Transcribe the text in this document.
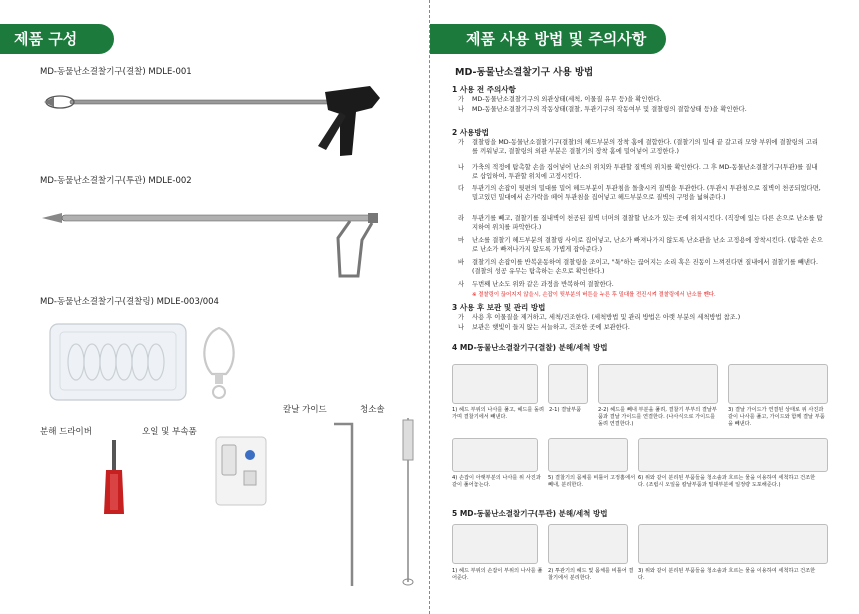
제품 구성
MD-동물난소결찰기구(결찰) MDLE-001
MD-동물난소결찰기구(투관) MDLE-002
MD-동물난소결찰기구(결찰링) MDLE-003/004
분해 드라이버	오일 및 부속품
칼날 가이드	청소솔
제품 사용 방법 및 주의사항
MD-동물난소결찰기구 사용 방법
1 사용 전 주의사항
가	MD-동물난소결찰기구의 외관상태(세척, 이물질 유무 등)을 확인한다.
나	MD-동물난소결찰기구의 작동상태(결찰, 투관기구의 작동여부 및 결찰링의 결합상태 등)을 확인한다.
2 사용방법
가	결찰링을 MD-동물난소결찰기구(결찰)의 헤드부분의 장착 홈에 결합한다. (결찰기의 밀대 끝 갈고리 모양 부위에 결찰링의 고리를 끼워넣고, 결찰링의 외관 부분은 결찰기의 장착 홈에 밀어넣어 고정한다.)
나	가축의 적정에 탐촉할 손을 집어넣어 난소의 위치와 투관할 질벽의 위치를 확인한다. 그 후 MD-동물난소결찰기구(투관)를 질내로 삽입하여, 투관할 위치에 고정시킨다.
다	투관기의 손잡이 뒷편의 밀대를 밀어 헤드부분이 투관침을 돌출시켜 질벽을 투관한다. (투관시 투관침으로 질벽이 천공되었다면, 밀고있던 밀대에서 손가락을 떼어 투관침을 집어넣고 헤드부분으로 질벽의 구멍을 넓혀준다.)
라	투관기를 빼고, 결찰기를 질내벽이 천공된 질벽 너머의 결찰할 난소가 있는 곳에 위치시킨다. (직장에 있는 다른 손으로 난소를 탐지하여 위치를 파악한다.)
마	난소를 결찰기 헤드부분의 결찰링 사이로 집어넣고, 난소가 빠져나가지 않도록 난소관을 난소 고정용에 장착시킨다. (탐촉한 손으로 난소가 빠져나가지 않도록 가볍게 잡아준다.)
바	결찰기의 손잡이를 반복운동하여 결찰링을 조이고, "툭"하는 끊어지는 소리 혹은 진동이 느껴진다면 질내에서 결찰기를 빼낸다. (결찰의 성공 유무는 탐촉하는 손으로 확인한다.)
사	두번째 난소도 위와 같은 과정을 반복하여 결찰한다.
※ 결찰링이 끊어지지 않을시, 손잡이 뒷부분의 버튼을 누른 후 밀대를 전진시켜 결찰링에서 난소를 뺀다.
3 사용 후 보관 및 관리 방법
가	사용 후 이물질을 제거하고, 세척/건조한다. (세척방법 및 관리 방법은 아랫 부분의 세척방법 참조.)
나	보관은 햇빛이 들지 않는 서늘하고, 건조한 곳에 보관한다.
4 MD-동물난소결찰기구(결찰) 분해/세척 방법
1) 헤드 부위의 나사를 풀고, 헤드를 돌려가며 결찰기에서 빼낸다.
2-1) 결날부품	2-2) 헤드를 빼내 부분을 풀려, 결찰기 부부의 결날부품과 결날 가이드를 연결한다. (나사식으로 가이드를 돌려 연결한다.)
3) 결날 가이드가 연결된 상태로 위 사진과 같이 나사를 풀고, 가이드와 함께 결날 부품을 빼낸다.
4) 손잡이 아랫부분의 나사를 위 사진과 같이 풀어놓는다.
5) 결찰기의 몸체를 비틀어 고정홈에서 빼내, 분리한다.
6) 위와 같이 분리된 부품들을 청소솔과 흐르는 물을 이용하여 세척하고 건조한다. (조립시 오일을 칼날부품과 밀대부분에 일정량 도포해준다.)
5 MD-동물난소결찰기구(투관) 분해/세척 방법
1) 헤드 부위의 손잡이 부위의 나사를 풀어준다.
2) 투관기의 헤드 및 몸체를 비틀어 결찰기에서 분리한다.
3) 위와 같이 분리된 부품들을 청소솔과 흐르는 물을 이용하여 세척하고 건조한다.
